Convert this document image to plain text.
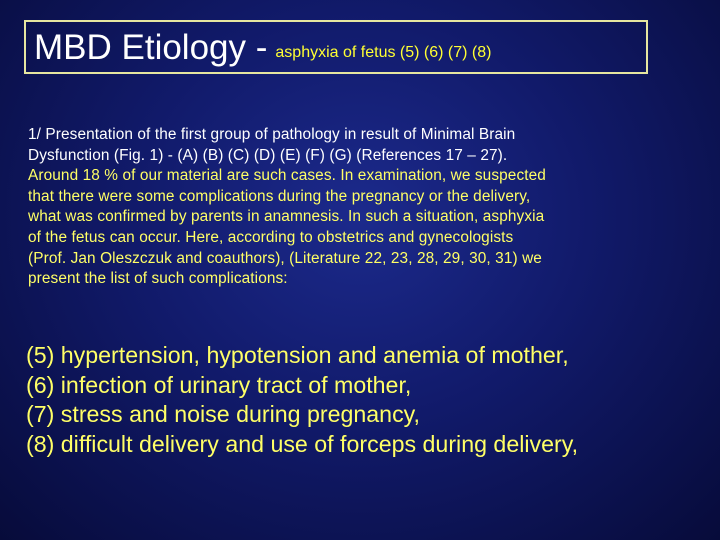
MBD Etiology - asphyxia of fetus (5) (6) (7) (8)
1/ Presentation of the first group of pathology in result of Minimal Brain
Dysfunction (Fig. 1) - (A) (B) (C) (D) (E) (F) (G) (References 17 – 27).
Around 18 % of our material are such cases. In examination, we suspected
that there were some complications during the pregnancy or the delivery,
what was confirmed by parents in anamnesis. In such a situation, asphyxia
of the fetus can occur. Here, according to obstetrics and gynecologists
(Prof. Jan Oleszczuk and coauthors), (Literature 22, 23, 28, 29, 30, 31) we
present the list of such complications:
(5) hypertension, hypotension and anemia of mother,
(6) infection of urinary tract of mother,
(7) stress and noise during pregnancy,
(8) difficult delivery and use of forceps during delivery,
